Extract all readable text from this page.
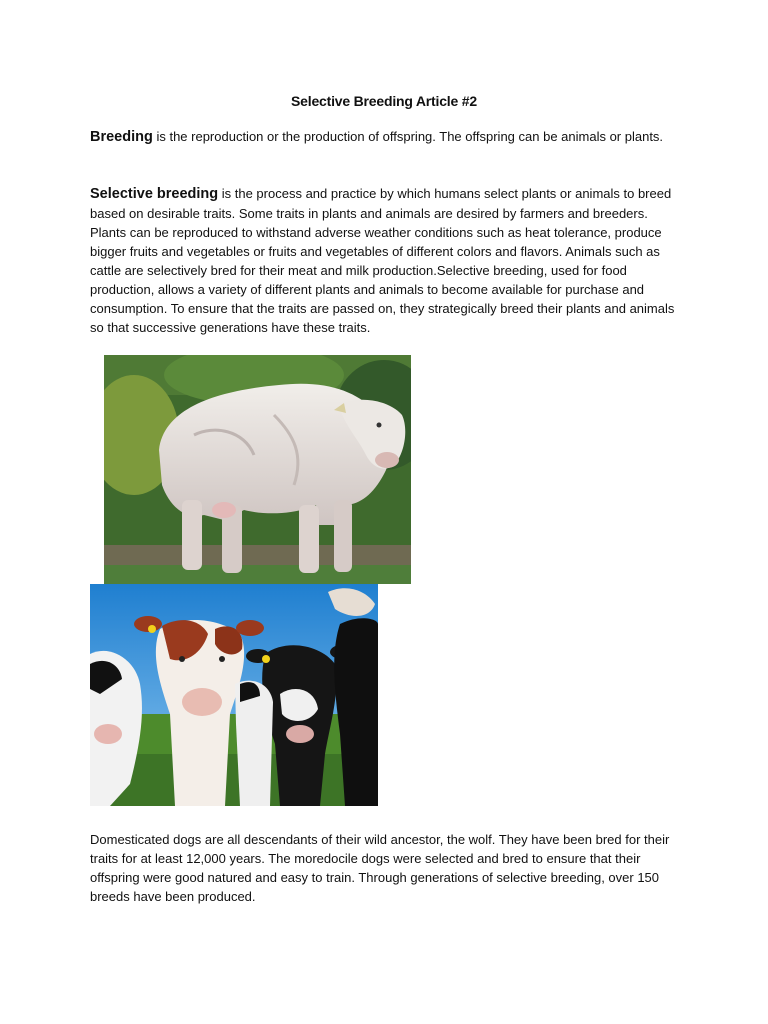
Selective Breeding Article #2
Breeding is the reproduction or the production of offspring. The offspring can be animals or plants.
Selective breeding is the process and practice by which humans select plants or animals to breed based on desirable traits. Some traits in plants and animals are desired by farmers and breeders. Plants can be reproduced to withstand adverse weather conditions such as heat tolerance, produce bigger fruits and vegetables or fruits and vegetables of different colors and flavors. Animals such as cattle are selectively bred for their meat and milk production.Selective breeding, used for food production, allows a variety of different plants and animals to become available for purchase and consumption. To ensure that the traits are passed on, they strategically breed their plants and animals so that successive generations have these traits.
Domesticated dogs are all descendants of their wild ancestor, the wolf. They have been bred for their traits for at least 12,000 years. The moredocile dogs were selected and bred to ensure that their offspring were good natured and easy to train. Through generations of selective breeding, over 150 breeds have been produced.
